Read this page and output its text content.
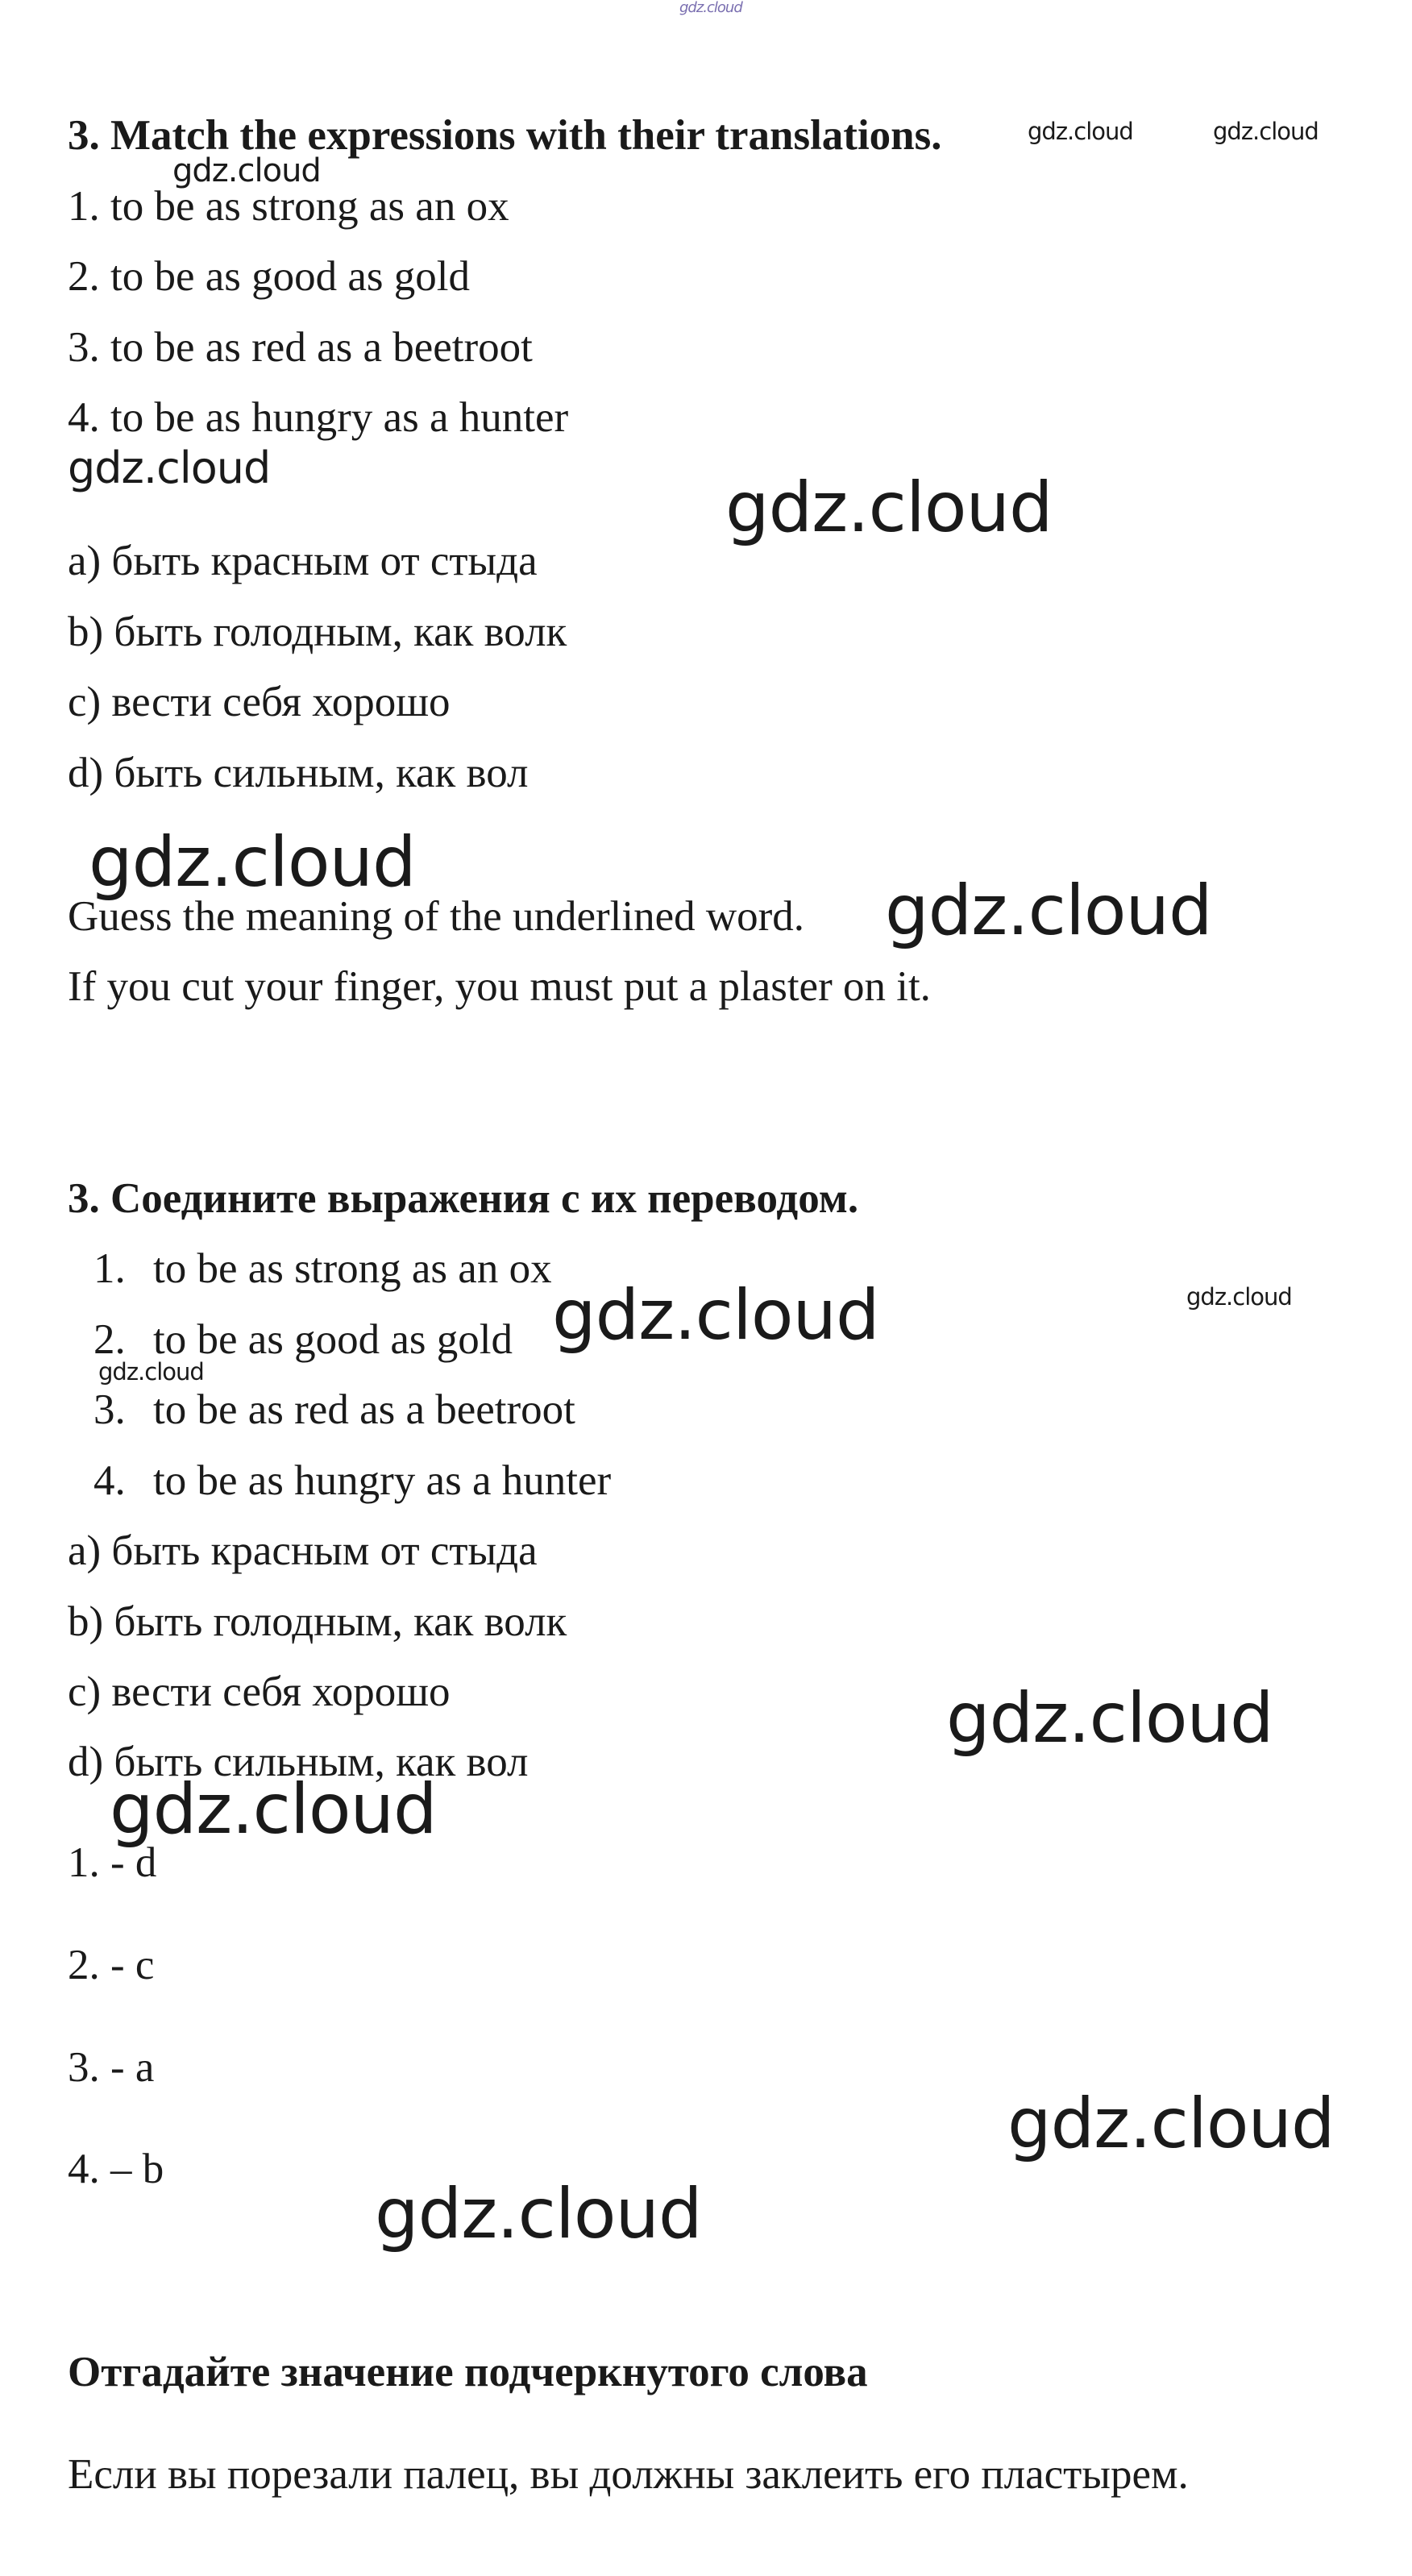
3. Match the expressions with their translations.

1. to be as strong as an ox

2. to be as good as gold

3. to be as red as a beetroot

4. to be as hungry as a hunter

a) быть красным от стыда

b) быть голодным, как волк

c) вести себя хорошо

d) быть сильным, как вол

Guess the meaning of the underlined word.

If you cut your finger, you must put a plaster on it.

3. Соедините выражения с их переводом.

1. to be as strong as an ox

2. to be as good as gold

3. to be as red as a beetroot

4. to be as hungry as a hunter

a) быть красным от стыда

b) быть голодным, как волк

c) вести себя хорошо

d) быть сильным, как вол

1. - d

2. - c

3. - a

4. – b

Отгадайте значение подчеркнутого слова

Если вы порезали палец, вы должны заклеить его пластырем.

gdz.cloud
gdz.cloud	gdz.cloud
gdz.cloud
gdz.cloud	gdz.cloud
gdz.cloud
gdz.cloud
gdz.cloud	gdz.cloud
gdz.cloud
gdz.cloud
gdz.cloud
gdz.cloud
gdz.cloud
